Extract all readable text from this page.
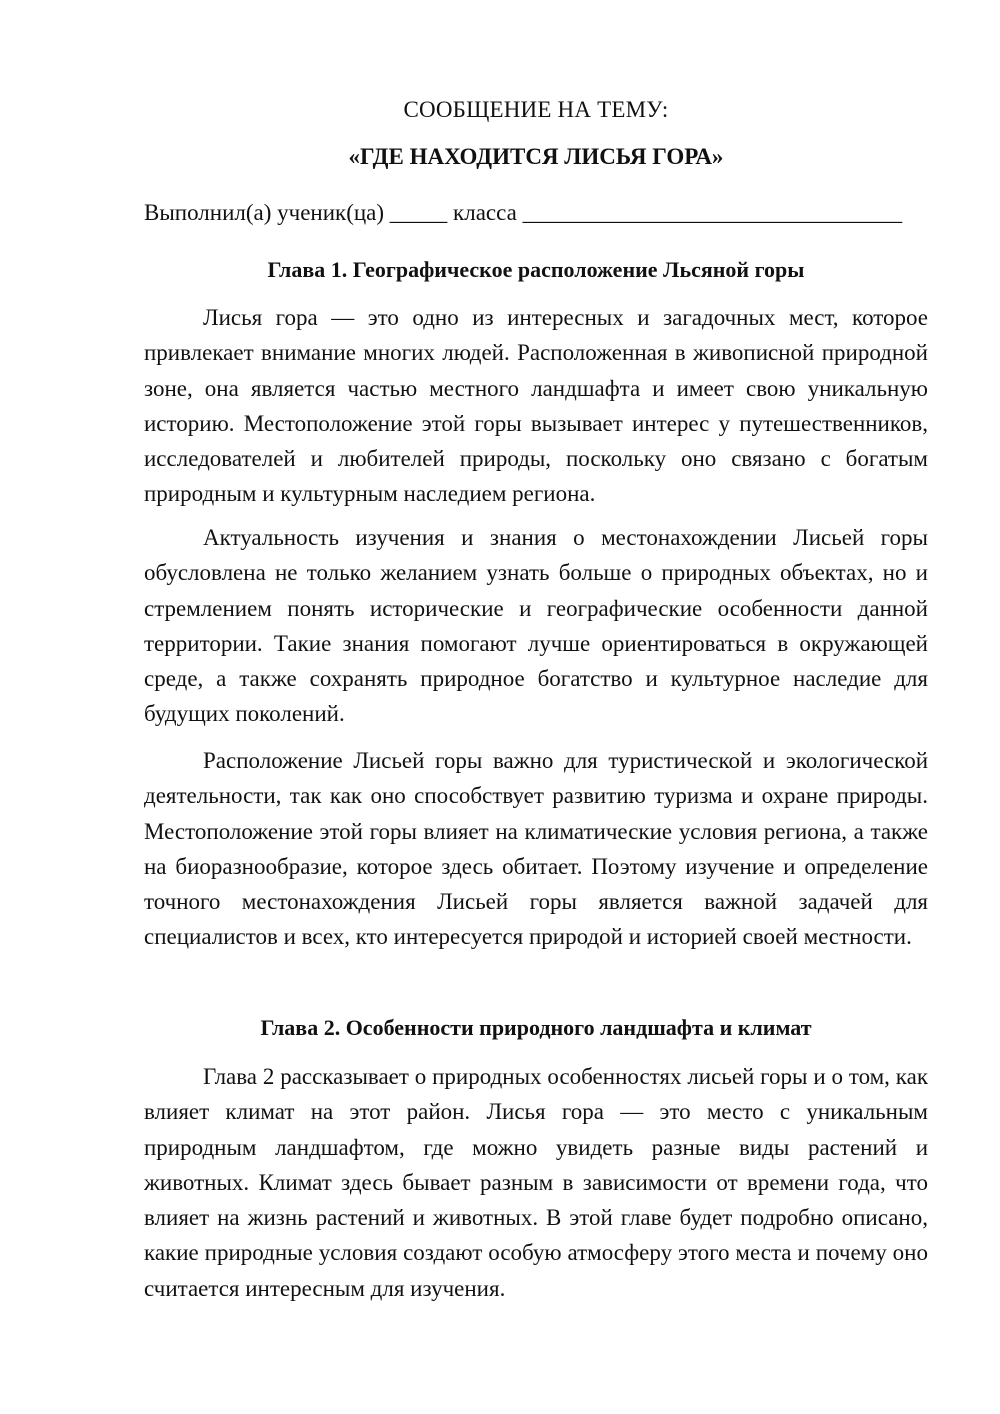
СООБЩЕНИЕ НА ТЕМУ:
«ГДЕ НАХОДИТСЯ ЛИСЬЯ ГОРА»
Выполнил(а) ученик(ца) _____ класса _________________________________
Глава 1. Географическое расположение Льсяной горы

Лисья гора — это одно из интересных и загадочных мест, которое привлекает внимание многих людей. Расположенная в живописной природной зоне, она является частью местного ландшафта и имеет свою уникальную историю. Местоположение этой горы вызывает интерес у путешественников, исследователей и любителей природы, поскольку оно связано с богатым природным и культурным наследием региона.

Актуальность изучения и знания о местонахождении Лисьей горы обусловлена не только желанием узнать больше о природных объектах, но и стремлением понять исторические и географические особенности данной территории. Такие знания помогают лучше ориентироваться в окружающей среде, а также сохранять природное богатство и культурное наследие для будущих поколений.

Расположение Лисьей горы важно для туристической и экологической деятельности, так как оно способствует развитию туризма и охране природы. Местоположение этой горы влияет на климатические условия региона, а также на биоразнообразие, которое здесь обитает. Поэтому изучение и определение точного местонахождения Лисьей горы является важной задачей для специалистов и всех, кто интересуется природой и историей своей местности.

Глава 2. Особенности природного ландшафта и климат

Глава 2 рассказывает о природных особенностях лисьей горы и о том, как влияет климат на этот район. Лисья гора — это место с уникальным природным ландшафтом, где можно увидеть разные виды растений и животных. Климат здесь бывает разным в зависимости от времени года, что влияет на жизнь растений и животных. В этой главе будет подробно описано, какие природные условия создают особую атмосферу этого места и почему оно считается интересным для изучения.
